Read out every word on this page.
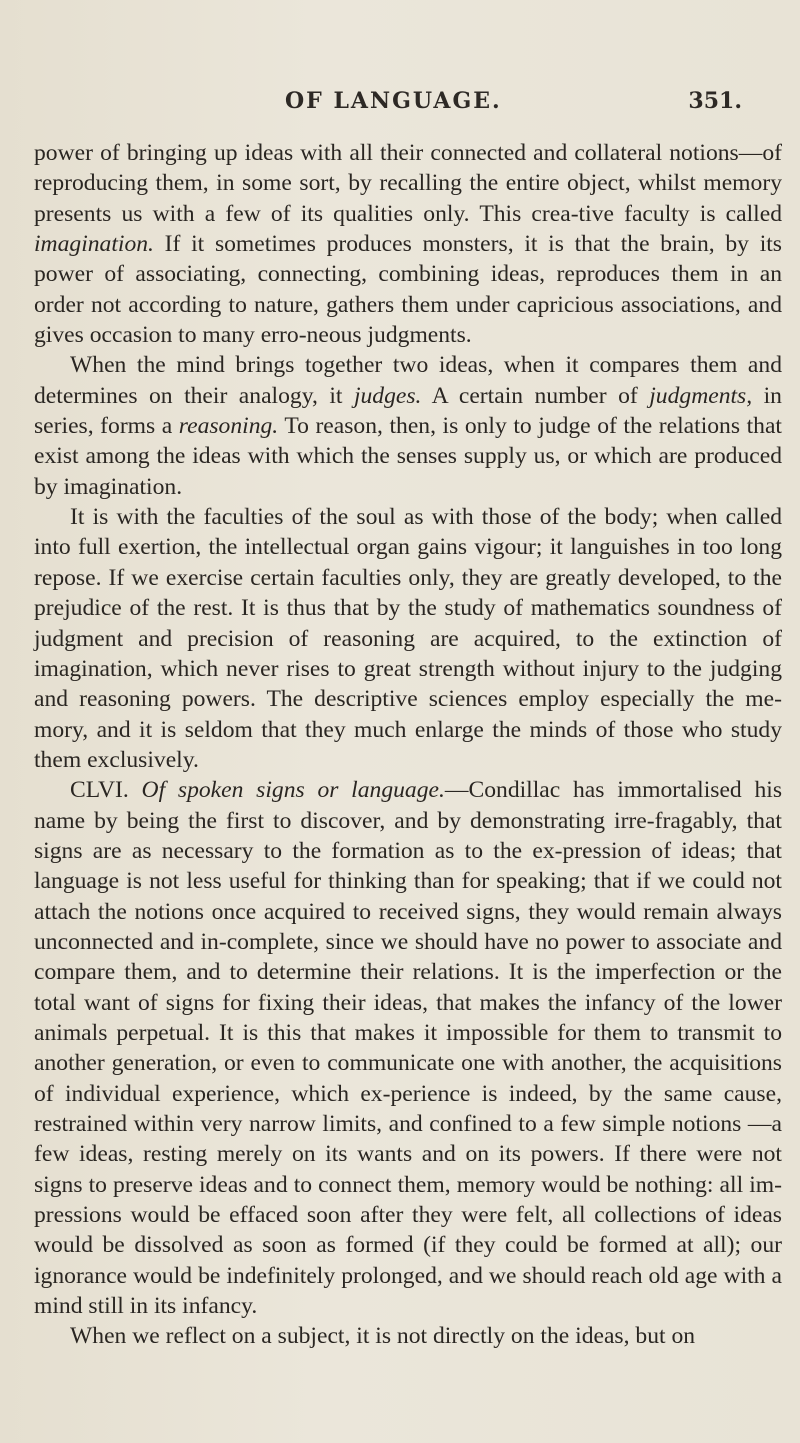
OF LANGUAGE.	351.

power of bringing up ideas with all their connected and collateral notions—of reproducing them, in some sort, by recalling the entire object, whilst memory presents us with a few of its qualities only. This crea-tive faculty is called imagination. If it sometimes produces monsters, it is that the brain, by its power of associating, connecting, combining ideas, reproduces them in an order not according to nature, gathers them under capricious associations, and gives occasion to many erro-neous judgments.

When the mind brings together two ideas, when it compares them and determines on their analogy, it judges. A certain number of judgments, in series, forms a reasoning. To reason, then, is only to judge of the relations that exist among the ideas with which the senses supply us, or which are produced by imagination.

It is with the faculties of the soul as with those of the body; when called into full exertion, the intellectual organ gains vigour; it languishes in too long repose. If we exercise certain faculties only, they are greatly developed, to the prejudice of the rest. It is thus that by the study of mathematics soundness of judgment and precision of reasoning are acquired, to the extinction of imagination, which never rises to great strength without injury to the judging and reasoning powers. The descriptive sciences employ especially the me-mory, and it is seldom that they much enlarge the minds of those who study them exclusively.

CLVI. Of spoken signs or language.—Condillac has immortalised his name by being the first to discover, and by demonstrating irre-fragably, that signs are as necessary to the formation as to the ex-pression of ideas; that language is not less useful for thinking than for speaking; that if we could not attach the notions once acquired to received signs, they would remain always unconnected and in-complete, since we should have no power to associate and compare them, and to determine their relations. It is the imperfection or the total want of signs for fixing their ideas, that makes the infancy of the lower animals perpetual. It is this that makes it impossible for them to transmit to another generation, or even to communicate one with another, the acquisitions of individual experience, which ex-perience is indeed, by the same cause, restrained within very narrow limits, and confined to a few simple notions —a few ideas, resting merely on its wants and on its powers. If there were not signs to preserve ideas and to connect them, memory would be nothing: all im-pressions would be effaced soon after they were felt, all collections of ideas would be dissolved as soon as formed (if they could be formed at all); our ignorance would be indefinitely prolonged, and we should reach old age with a mind still in its infancy.

When we reflect on a subject, it is not directly on the ideas, but on
